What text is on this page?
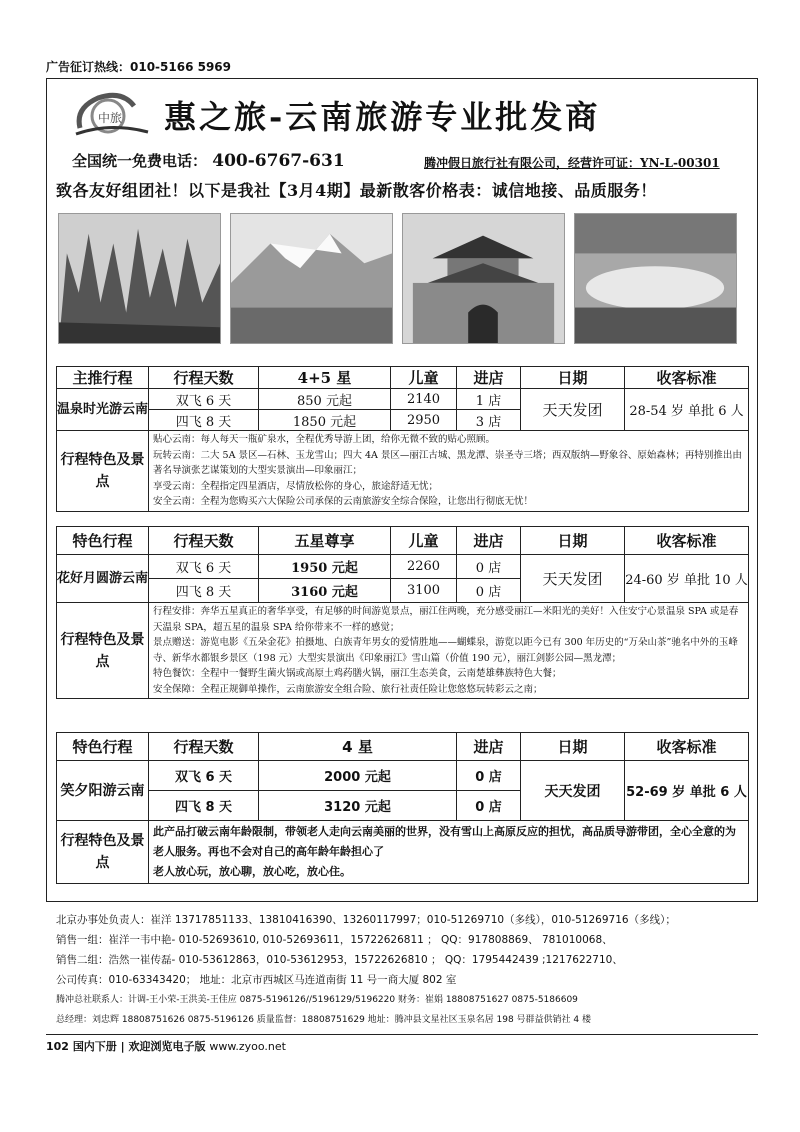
广告征订热线：010-5166 5969
中旅 惠之旅-云南旅游专业批发商
全国统一免费电话： 400-6767-631	腾冲假日旅行社有限公司，经营许可证：YN-L-00301
致各友好组团社！以下是我社【3月4期】最新散客价格表：诚信地接、品质服务！
主推行程	行程天数	4+5 星	儿童	进店	日期	收客标准
温泉时光游云南	双飞 6 天	850 元起	2140	1 店	天天发团	28-54 岁 单批 6 人
	四飞 8 天	1850 元起	2950	3 店		
行程特色及景点	贴心云南：每人每天一瓶矿泉水，全程优秀导游上团，给你无微不致的贴心照顾。
玩转云南：二大 5A 景区—石林、玉龙雪山；四大 4A 景区—丽江古城、黑龙潭、崇圣寺三塔；西双版纳—野象谷、原始森林；再特别推出由著名导演张艺谋策划的大型实景演出—印象丽江；
享受云南：全程指定四星酒店，尽情放松你的身心，旅途舒适无忧；
安全云南：全程为您购买六大保险公司承保的云南旅游安全综合保险，让您出行彻底无忧！					
特色行程	行程天数	五星尊享	儿童	进店	日期	收客标准
花好月圆游云南	双飞 6 天	1950 元起	2260	0 店	天天发团	24-60 岁 单批 10 人
	四飞 8 天	3160 元起	3100	0 店		
行程特色及景点	行程安排：奔华五星真正的奢华享受，有足够的时间游览景点，丽江住两晚，充分感受丽江—米阳光的美好！入住安宁心景温泉 SPA 或是春天温泉 SPA，超五星的温泉 SPA 给你带来不一样的感觉；
景点赠送：游览电影《五朵金花》拍摄地、白族青年男女的爱情胜地——蝴蝶泉，游览以距今已有 300 年历史的“万朵山茶”驰名中外的玉峰寺、新华水都银乡景区（198 元）大型实景演出《印象丽江》雪山篇（价值 190 元），丽江剑影公园—黑龙潭；
特色餐饮：全程中一餐野生菌火锅或高原土鸡药膳火锅，丽江生态美食，云南楚雄彝族特色大餐；
安全保障：全程正规御单操作，云南旅游安全组合险、旅行社责任险让您悠悠玩转彩云之南；					
特色行程	行程天数	4 星	进店	日期	收客标准
笑夕阳游云南	双飞 6 天	2000 元起	0 店	天天发团	52-69 岁 单批 6 人
	四飞 8 天	3120 元起	0 店		
行程特色及景点	此产品打破云南年龄限制，带领老人走向云南美丽的世界，没有雪山上高原反应的担忧，高品质导游带团，全心全意的为老人服务。再也不会对自己的高年龄年龄担心了
老人放心玩，放心聊，放心吃，放心住。				
北京办事处负责人：崔洋 13717851133、13810416390、13260117997；010-51269710（多线），010-51269716（多线）；
销售一组：崔洋一韦中艳- 010-52693610, 010-52693611，15722626811 ； QQ：917808869、 781010068、
销售二组：浩然一崔传磊- 010-53612863，010-53612953，15722626810 ； QQ：1795442439 ;1217622710、
公司传真：010-63343420； 地址：北京市西城区马连道南街 11 号一商大厦 802 室
腾冲总社联系人：计调-王小荣-王洪美-王佳应 0875-5196126//5196129/5196220 财务：崔娟 18808751627 0875-5186609
总经理：刘忠辉 18808751626 0875-5196126 质量监督：18808751629 地址：腾冲县文星社区玉泉名居 198 号群益供销社 4 楼
102 国内下册 | 欢迎浏览电子版 www.zyoo.net
